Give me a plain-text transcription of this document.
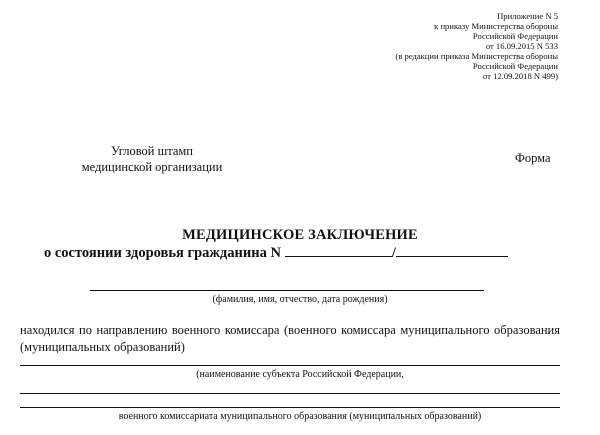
Приложение N 5
к приказу Министерства обороны
Российской Федерации
от 16.09.2015 N 533
(в редакции приказа Министерства обороны
Российской Федерации
от 12.09.2018 N 499)
Угловой штамп
медицинской организации
Форма
МЕДИЦИНСКОЕ ЗАКЛЮЧЕНИЕ
о состоянии здоровья гражданина N	/
(фамилия, имя, отчество, дата рождения)
находился по направлению военного комиссара (военного комиссара муниципального образования (муниципальных образований)
(наименование субъекта Российской Федерации,
военного комиссариата муниципального образования (муниципальных образований)
